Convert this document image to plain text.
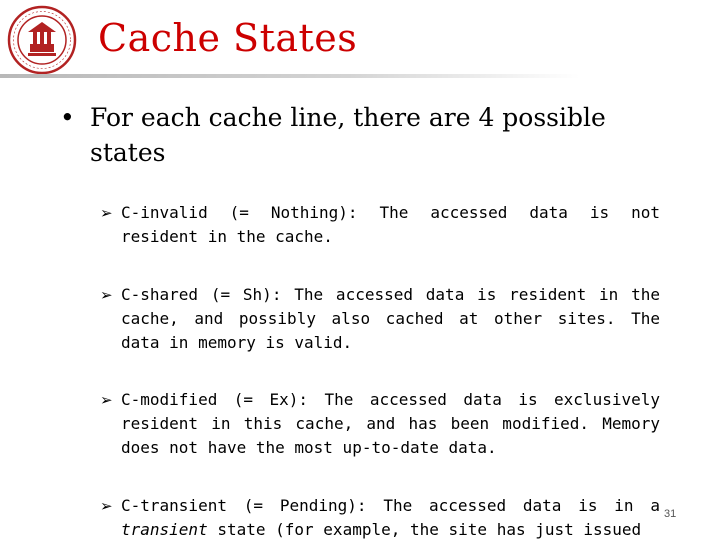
Cache States
• For each cache line, there are 4 possible states
➢ C-invalid (= Nothing): The accessed data is not resident in the cache.
➢ C-shared (= Sh): The accessed data is resident in the cache, and possibly also cached at other sites. The data in memory is valid.
➢ C-modified (= Ex): The accessed data is exclusively resident in this cache, and has been modified. Memory does not have the most up-to-date data.
➢ C-transient (= Pending): The accessed data is in a transient state (for example, the site has just issued
31
